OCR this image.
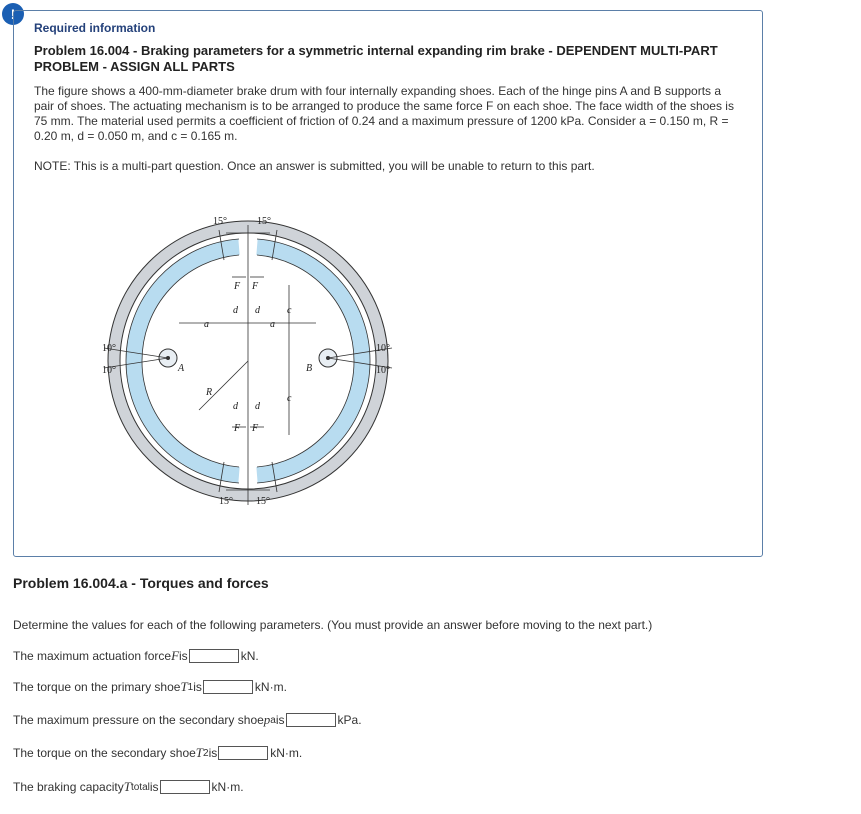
!
Required information
Problem 16.004 - Braking parameters for a symmetric internal expanding rim brake - DEPENDENT MULTI-PART PROBLEM - ASSIGN ALL PARTS
The figure shows a 400-mm-diameter brake drum with four internally expanding shoes. Each of the hinge pins A and B supports a pair of shoes. The actuating mechanism is to be arranged to produce the same force F on each shoe. The face width of the shoes is 75 mm. The material used permits a coefficient of friction of 0.24 and a maximum pressure of 1200 kPa. Consider a = 0.150 m, R = 0.20 m, d = 0.050 m, and c = 0.165 m.
NOTE: This is a multi-part question. Once an answer is submitted, you will be unable to return to this part.
15°	15°
15° 15°
10°
10°
10°
10°
F F
F F
d d
d d
a	a
c
c
A	B
R
Problem 16.004.a - Torques and forces
Determine the values for each of the following parameters. (You must provide an answer before moving to the next part.)
The maximum actuation force F is	kN.
The torque on the primary shoe T 1 is	kN·m.
The maximum pressure on the secondary shoe p a is	kPa.
The torque on the secondary shoe T 2 is	kN·m.
The braking capacity T total is	kN·m.
